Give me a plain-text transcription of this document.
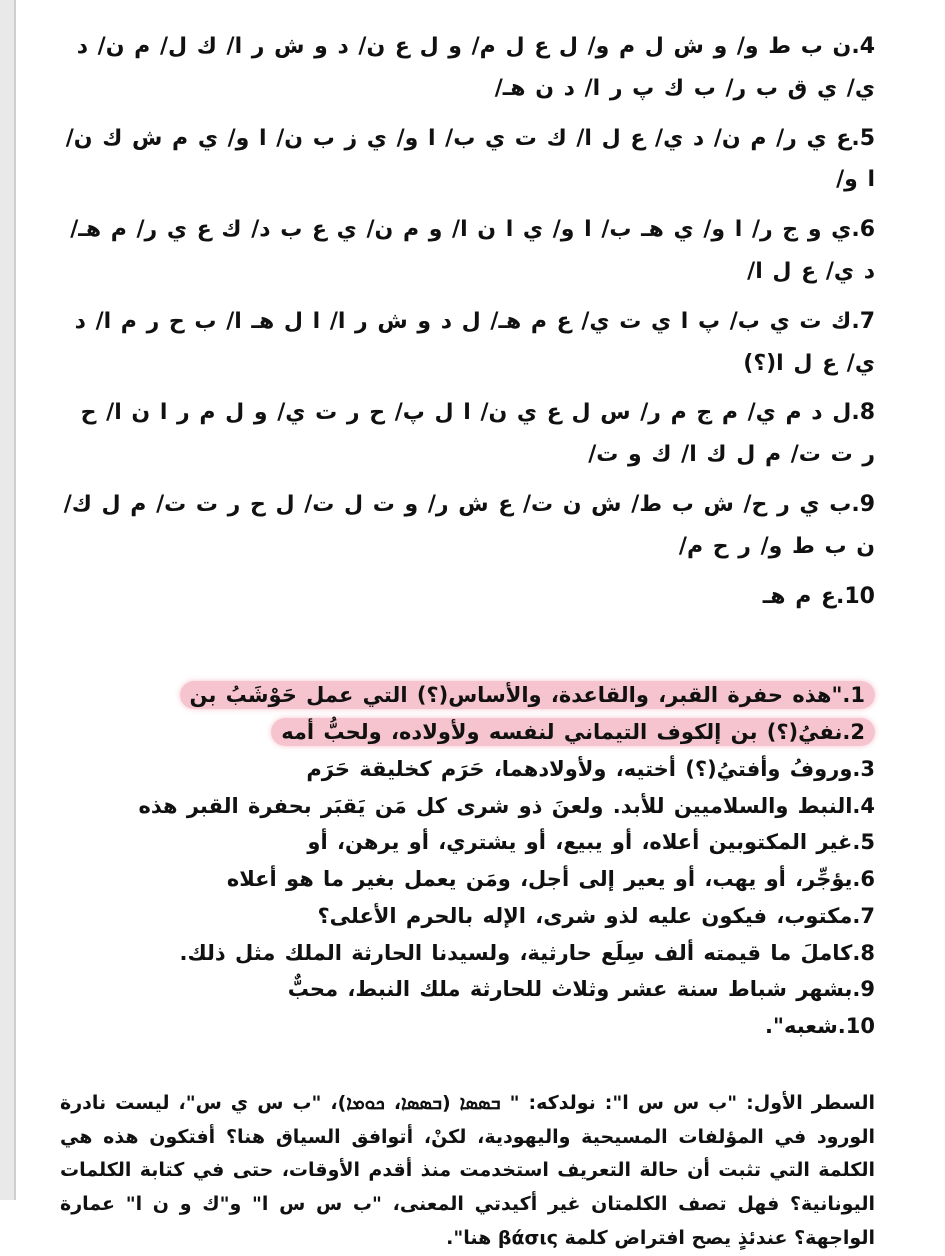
4.ن ب ط و/ و ش ل م و/ ل ع ل م/ و ل ع ن/ د و ش ر ا/ ك ل/ م ن/ د ي/ ي ق ب ر/ ب ك پ ر ا/ د ن هـ/
5.ع ي ر/ م ن/ د ي/ ع ل ا/ ك ت ي ب/ ا و/ ي ز ب ن/ ا و/ ي م ش ك ن/ ا و/
6.ي و ج ر/ ا و/ ي هـ ب/ ا و/ ي ا ن ا/ و م ن/ ي ع ب د/ ك ع ي ر/ م هـ/ د ي/ ع ل ا/
7.ك ت ي ب/ پ ا ي ت ي/ ع م هـ/ ل د و ش ر ا/ ا ل هـ ا/ ب ح ر م ا/ د ي/ ع ل ا(؟)
8.ل د م ي/ م ج م ر/ س ل ع ي ن/ ا ل پ/ ح ر ت ي/ و ل م ر ا ن ا/ ح ر ت ت/ م ل ك ا/ ك و ت/
9.ب ي ر ح/ ش ب ط/ ش ن ت/ ع ش ر/ و ت ل ت/ ل ح ر ت ت/ م ل ك/ ن ب ط و/ ر ح م/
10.ع م هـ
1."هذه حفرة القبر، والقاعدة، والأساس(؟) التي عمل حَوْشَبُ بن
2.نفيُ(؟) بن إلكوف التيماني لنفسه ولأولاده، ولحبُّ أمه
3.وروفُ وأفتيُ(؟) أختيه، ولأولادهما، حَرَم كخليقة حَرَم
4.النبط والسلاميين للأبد. ولعنَ ذو شرى كل مَن يَقبَر بحفرة القبر هذه
5.غير المكتوبين أعلاه، أو يبيع، أو يشتري، أو يرهن، أو
6.يؤجِّر، أو يهب، أو يعير إلى أجل، ومَن يعمل بغير ما هو أعلاه
7.مكتوب، فيكون عليه لذو شرى، الإله بالحرم الأعلى؟
8.كاملَ ما قيمته ألف سِلَع حارثية، ولسيدنا الحارثة الملك مثل ذلك.
9.بشهر شباط سنة عشر وثلاث للحارثة ملك النبط، محبٌّ
10.شعبه".

السطر الأول: "ب س س ا": نولدكه: " ܒܣܣܐ (ܒܣܣܐ، ܟܘܡܐ)، "ب س ي س"، ليست نادرة الورود في المؤلفات المسيحية واليهودية، لكنْ، أتوافق السياق هنا؟ أفتكون هذه هي الكلمة التي تثبت أن حالة التعريف استخدمت منذ أقدم الأوقات، حتى في كتابة الكلمات اليونانية؟ فهل تصف الكلمتان غير أكيدتي المعنى، "ب س س ا" و"ك و ن ا" عمارة الواجهة؟ عندئذٍ يصح افتراض كلمة βάσις هنا".
